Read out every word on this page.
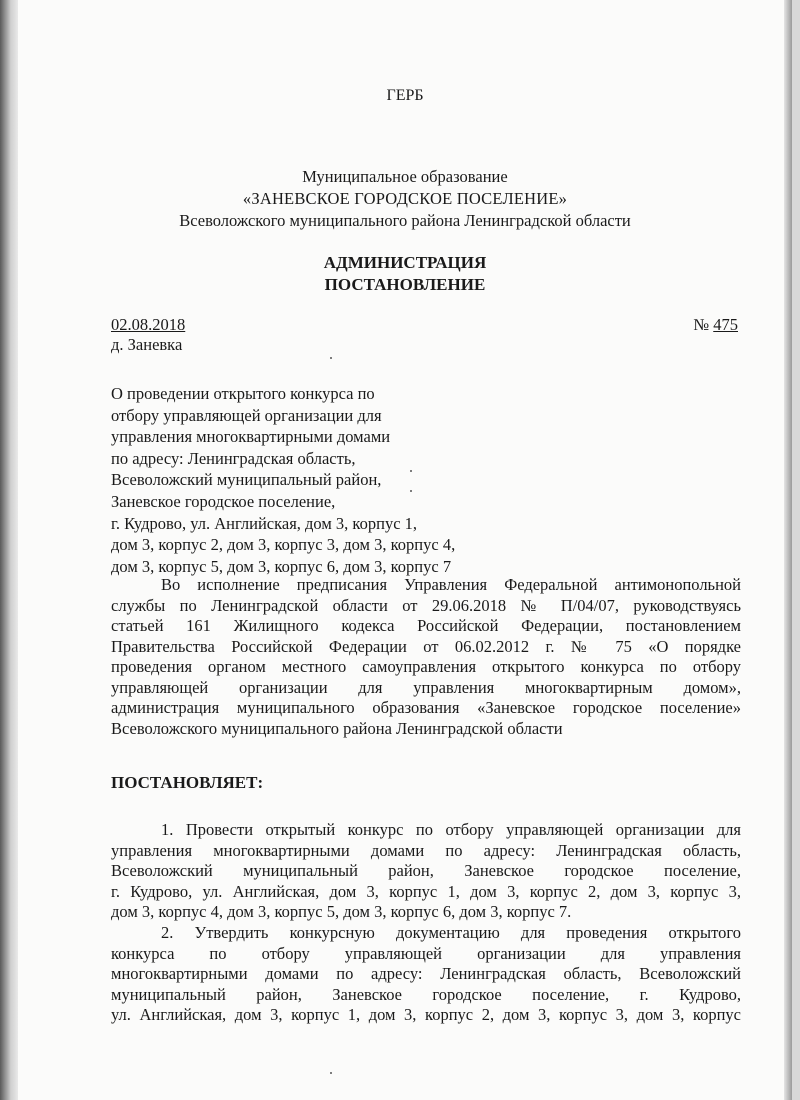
ГЕРБ
Муниципальное образование
«ЗАНЕВСКОЕ ГОРОДСКОЕ ПОСЕЛЕНИЕ»
Всеволожского муниципального района Ленинградской области
АДМИНИСТРАЦИЯ
ПОСТАНОВЛЕНИЕ
02.08.2018
д. Заневка
№ 475
О проведении открытого конкурса по
отбору управляющей организации для
управления многоквартирными домами
по адресу: Ленинградская область,
Всеволожский муниципальный район,
Заневское городское поселение,
г. Кудрово, ул. Английская, дом 3, корпус 1,
дом 3, корпус 2, дом 3, корпус 3, дом 3, корпус 4,
дом 3, корпус 5, дом 3, корпус 6, дом 3, корпус 7
Во исполнение предписания Управления Федеральной антимонопольной
службы по Ленинградской области от 29.06.2018 № П/04/07, руководствуясь
статьей 161 Жилищного кодекса Российской Федерации, постановлением
Правительства Российской Федерации от 06.02.2012 г. № 75 «О порядке
проведения органом местного самоуправления открытого конкурса по отбору
управляющей организации для управления многоквартирным домом»,
администрация муниципального образования «Заневское городское поселение»
Всеволожского муниципального района Ленинградской области
ПОСТАНОВЛЯЕТ:
1. Провести открытый конкурс по отбору управляющей организации для
управления многоквартирными домами по адресу: Ленинградская область,
Всеволожский муниципальный район, Заневское городское поселение,
г. Кудрово, ул. Английская, дом 3, корпус 1, дом 3, корпус 2, дом 3, корпус 3,
дом 3, корпус 4, дом 3, корпус 5, дом 3, корпус 6, дом 3, корпус 7.
2. Утвердить конкурсную документацию для проведения открытого
конкурса по отбору управляющей организации для управления
многоквартирными домами по адресу: Ленинградская область, Всеволожский
муниципальный район, Заневское городское поселение, г. Кудрово,
ул. Английская, дом 3, корпус 1, дом 3, корпус 2, дом 3, корпус 3, дом 3, корпус
